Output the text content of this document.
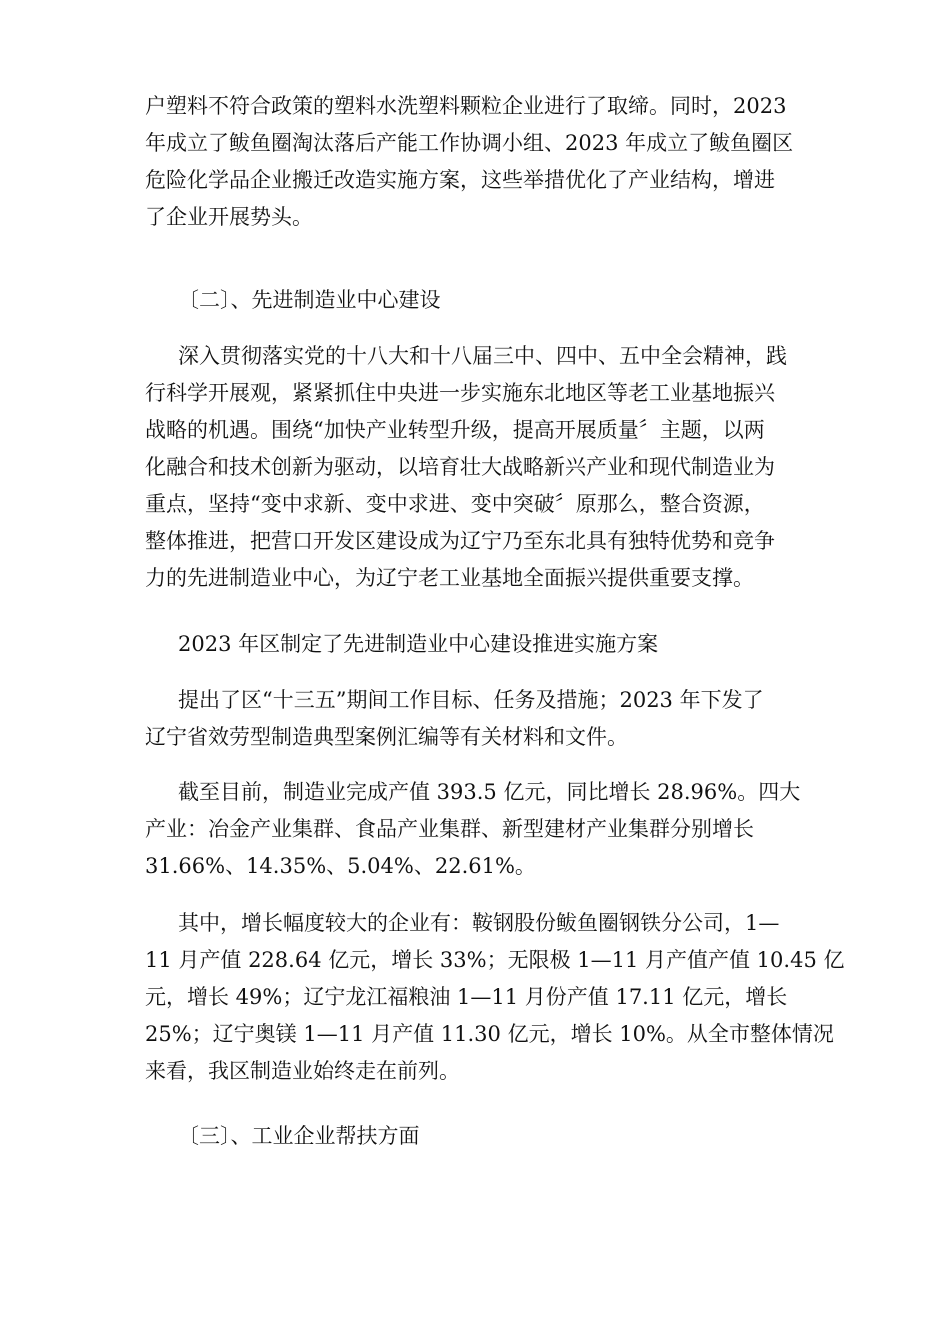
户塑料不符合政策的塑料水洗塑料颗粒企业进行了取缔。同时，2023
年成立了鲅鱼圈淘汰落后产能工作协调小组、2023 年成立了鲅鱼圈区
危险化学品企业搬迁改造实施方案，这些举措优化了产业结构，增进
了企业开展势头。
〔二〕、先进制造业中心建设
深入贯彻落实党的十八大和十八届三中、四中、五中全会精神，践
行科学开展观，紧紧抓住中央进一步实施东北地区等老工业基地振兴
战略的机遇。围绕“加快产业转型升级，提高开展质量〞主题，以两
化融合和技术创新为驱动，以培育壮大战略新兴产业和现代制造业为
重点，坚持“变中求新、变中求进、变中突破〞原那么，整合资源，
整体推进，把营口开发区建设成为辽宁乃至东北具有独特优势和竞争
力的先进制造业中心，为辽宁老工业基地全面振兴提供重要支撑。
2023 年区制定了先进制造业中心建设推进实施方案
提出了区“十三五”期间工作目标、任务及措施；2023 年下发了
辽宁省效劳型制造典型案例汇编等有关材料和文件。
截至目前，制造业完成产值 393.5 亿元，同比增长 28.96%。四大
产业：冶金产业集群、食品产业集群、新型建材产业集群分别增长
31.66%、14.35%、5.04%、22.61%。
其中，增长幅度较大的企业有：鞍钢股份鲅鱼圈钢铁分公司，1—
11 月产值 228.64 亿元，增长 33%；无限极 1—11 月产值产值 10.45 亿
元，增长 49%；辽宁龙江福粮油 1—11 月份产值 17.11 亿元，增长
25%；辽宁奥镁 1—11 月产值 11.30 亿元，增长 10%。从全市整体情况
来看，我区制造业始终走在前列。
〔三〕、工业企业帮扶方面
